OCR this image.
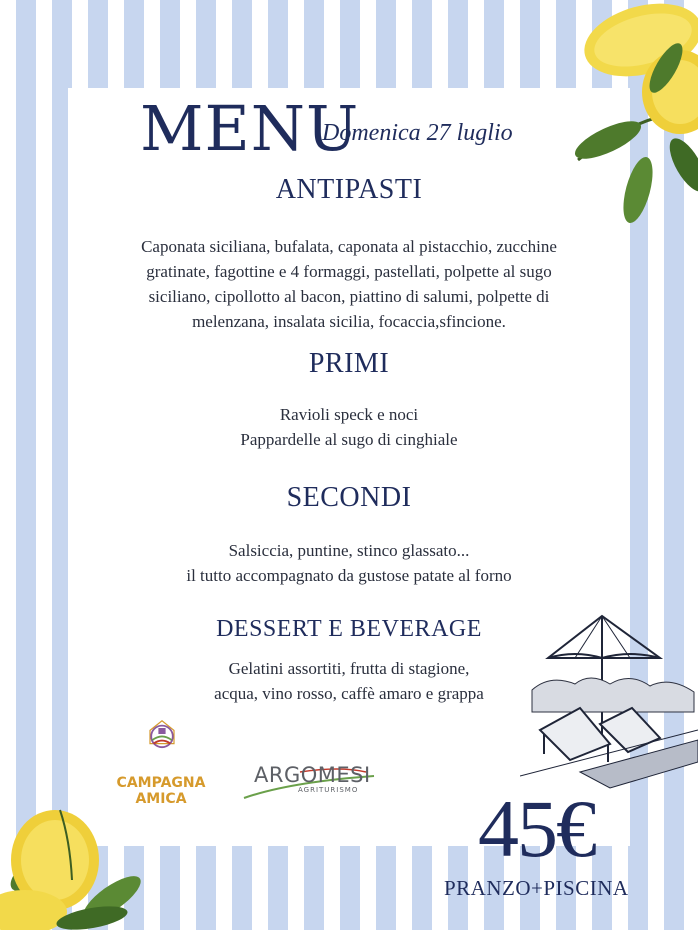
MENU
Domenica 27 luglio
ANTIPASTI
Caponata siciliana, bufalata, caponata al pistacchio, zucchine
gratinate, fagottine e 4 formaggi, pastellati, polpette al sugo
siciliano, cipollotto al bacon, piattino di salumi, polpette di
melenzana, insalata sicilia, focaccia,sfincione.
PRIMI
Ravioli speck e noci
Pappardelle al sugo di cinghiale
SECONDI
Salsiccia, puntine, stinco glassato...
il tutto accompagnato da gustose patate al forno
DESSERT E BEVERAGE
Gelatini assortiti, frutta di stagione,
acqua, vino rosso, caffè amaro e grappa
CAMPAGNA
AMICA
ARGOMESI
AGRITURISMO 45€
PRANZO+PISCINA
